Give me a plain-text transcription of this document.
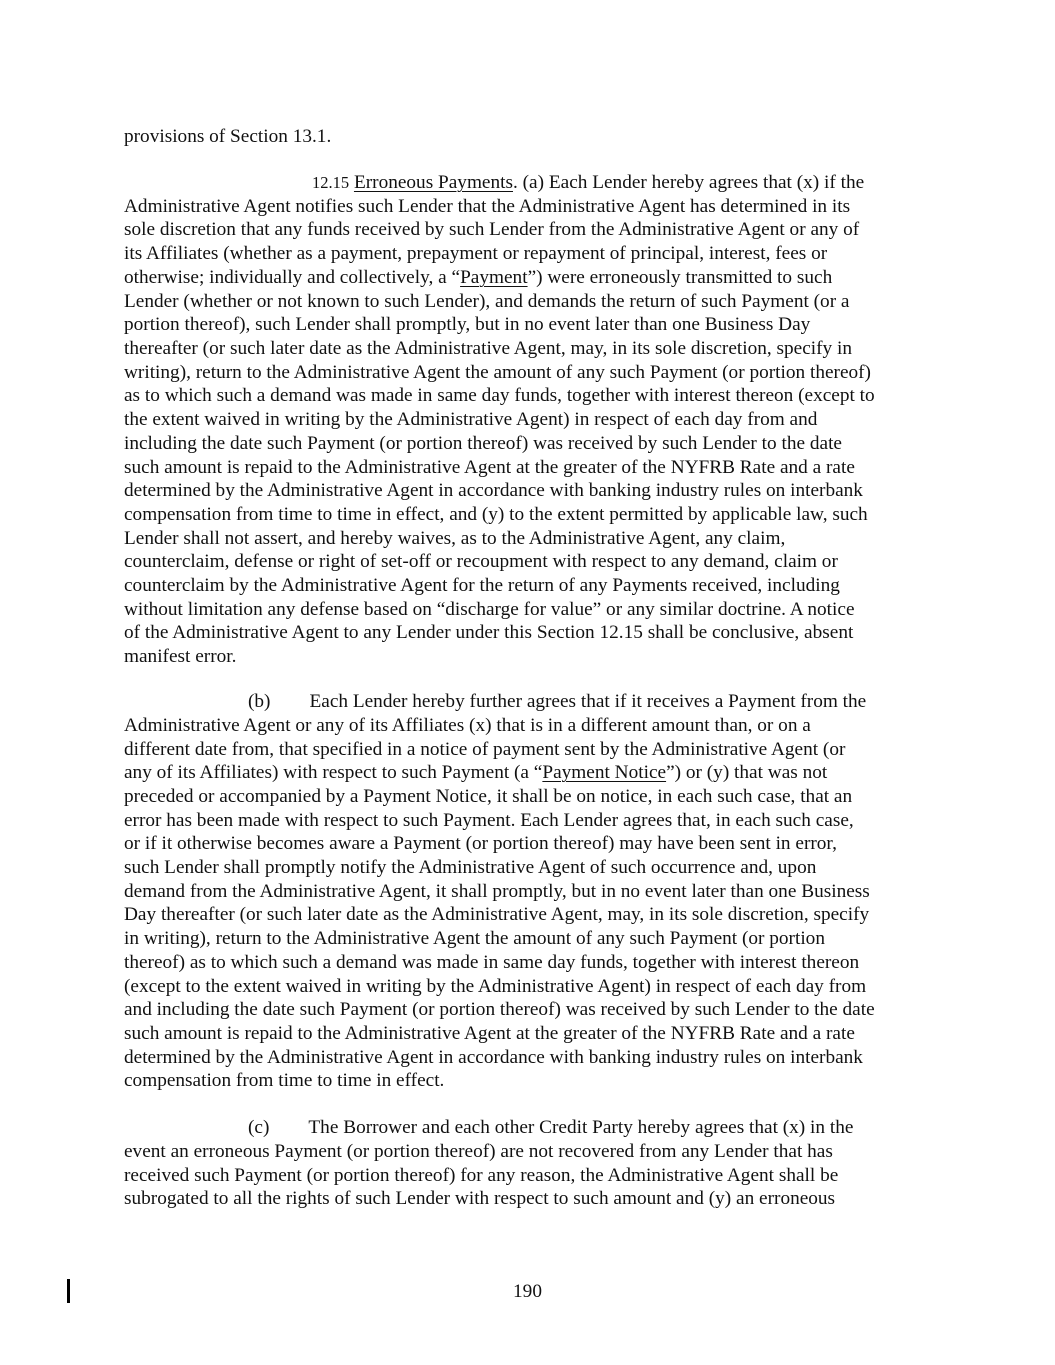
provisions of Section 13.1.

12.15 Erroneous Payments. (a) Each Lender hereby agrees that (x) if the

Administrative Agent notifies such Lender that the Administrative Agent has determined in its

sole discretion that any funds received by such Lender from the Administrative Agent or any of

its Affiliates (whether as a payment, prepayment or repayment of principal, interest, fees or

otherwise; individually and collectively, a “Payment”) were erroneously transmitted to such

Lender (whether or not known to such Lender), and demands the return of such Payment (or a

portion thereof), such Lender shall promptly, but in no event later than one Business Day

thereafter (or such later date as the Administrative Agent, may, in its sole discretion, specify in

writing), return to the Administrative Agent the amount of any such Payment (or portion thereof)

as to which such a demand was made in same day funds, together with interest thereon (except to

the extent waived in writing by the Administrative Agent) in respect of each day from and

including the date such Payment (or portion thereof) was received by such Lender to the date

such amount is repaid to the Administrative Agent at the greater of the NYFRB Rate and a rate

determined by the Administrative Agent in accordance with banking industry rules on interbank

compensation from time to time in effect, and (y) to the extent permitted by applicable law, such

Lender shall not assert, and hereby waives, as to the Administrative Agent, any claim,

counterclaim, defense or right of set-off or recoupment with respect to any demand, claim or

counterclaim by the Administrative Agent for the return of any Payments received, including

without limitation any defense based on “discharge for value” or any similar doctrine. A notice

of the Administrative Agent to any Lender under this Section 12.15 shall be conclusive, absent

manifest error.

(b) Each Lender hereby further agrees that if it receives a Payment from the

Administrative Agent or any of its Affiliates (x) that is in a different amount than, or on a

different date from, that specified in a notice of payment sent by the Administrative Agent (or

any of its Affiliates) with respect to such Payment (a “Payment Notice”) or (y) that was not

preceded or accompanied by a Payment Notice, it shall be on notice, in each such case, that an

error has been made with respect to such Payment. Each Lender agrees that, in each such case,

or if it otherwise becomes aware a Payment (or portion thereof) may have been sent in error,

such Lender shall promptly notify the Administrative Agent of such occurrence and, upon

demand from the Administrative Agent, it shall promptly, but in no event later than one Business

Day thereafter (or such later date as the Administrative Agent, may, in its sole discretion, specify

in writing), return to the Administrative Agent the amount of any such Payment (or portion

thereof) as to which such a demand was made in same day funds, together with interest thereon

(except to the extent waived in writing by the Administrative Agent) in respect of each day from

and including the date such Payment (or portion thereof) was received by such Lender to the date

such amount is repaid to the Administrative Agent at the greater of the NYFRB Rate and a rate

determined by the Administrative Agent in accordance with banking industry rules on interbank

compensation from time to time in effect.

(c) The Borrower and each other Credit Party hereby agrees that (x) in the

event an erroneous Payment (or portion thereof) are not recovered from any Lender that has

received such Payment (or portion thereof) for any reason, the Administrative Agent shall be

subrogated to all the rights of such Lender with respect to such amount and (y) an erroneous

190
